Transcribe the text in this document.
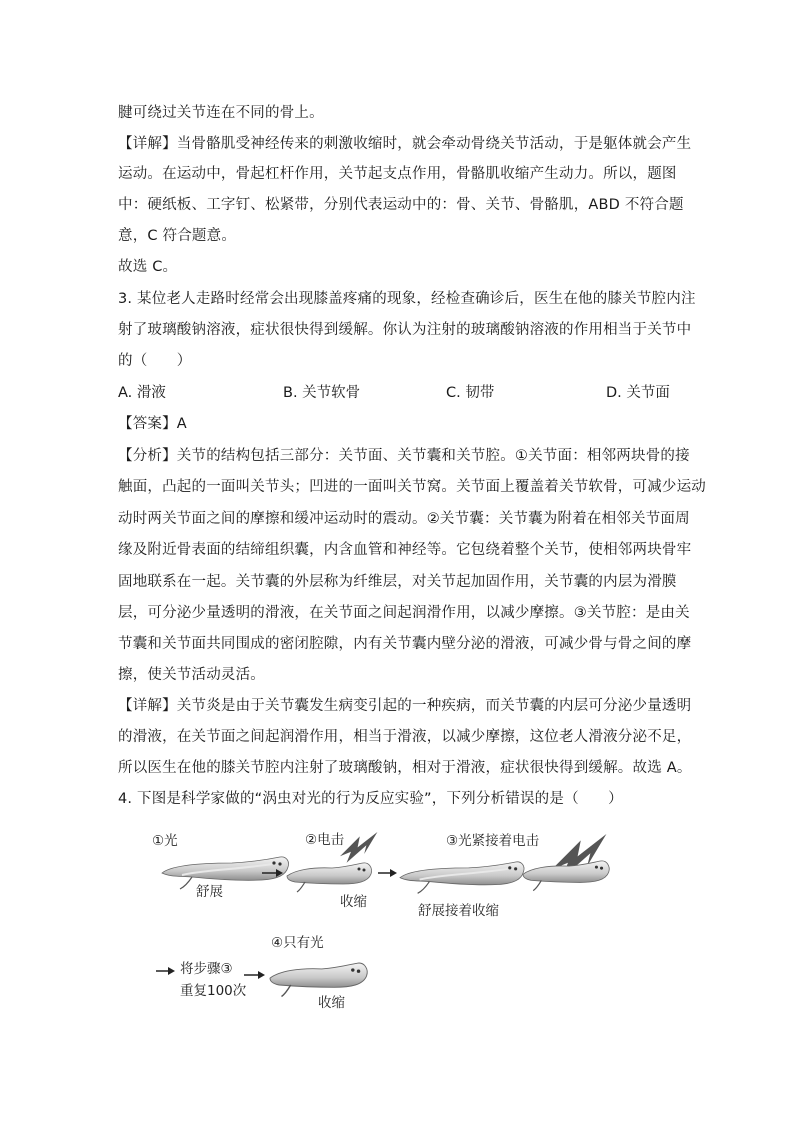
腱可绕过关节连在不同的骨上。
【详解】当骨骼肌受神经传来的刺激收缩时，就会牵动骨绕关节活动，于是躯体就会产生
运动。在运动中，骨起杠杆作用，关节起支点作用，骨骼肌收缩产生动力。所以，题图
中：硬纸板、工字钉、松紧带，分别代表运动中的：骨、关节、骨骼肌，ABD 不符合题
意，C 符合题意。
故选 C。
3. 某位老人走路时经常会出现膝盖疼痛的现象，经检查确诊后，医生在他的膝关节腔内注
射了玻璃酸钠溶液，症状很快得到缓解。你认为注射的玻璃酸钠溶液的作用相当于关节中
的（　　）
A. 滑液	B. 关节软骨	C. 韧带	D. 关节面
【答案】A
【分析】关节的结构包括三部分：关节面、关节囊和关节腔。①关节面：相邻两块骨的接
触面，凸起的一面叫关节头；凹进的一面叫关节窝。关节面上覆盖着关节软骨，可减少运动
动时两关节面之间的摩擦和缓冲运动时的震动。②关节囊：关节囊为附着在相邻关节面周
缘及附近骨表面的结缔组织囊，内含血管和神经等。它包绕着整个关节，使相邻两块骨牢
固地联系在一起。关节囊的外层称为纤维层，对关节起加固作用，关节囊的内层为滑膜
层，可分泌少量透明的滑液，在关节面之间起润滑作用，以减少摩擦。③关节腔：是由关
节囊和关节面共同围成的密闭腔隙，内有关节囊内壁分泌的滑液，可减少骨与骨之间的摩
擦，使关节活动灵活。
【详解】关节炎是由于关节囊发生病变引起的一种疾病，而关节囊的内层可分泌少量透明
的滑液，在关节面之间起润滑作用，相当于滑液，以减少摩擦，这位老人滑液分泌不足，
所以医生在他的膝关节腔内注射了玻璃酸钠，相对于滑液，症状很快得到缓解。故选 A。
4. 下图是科学家做的“涡虫对光的行为反应实验”，下列分析错误的是（　　）
①光
舒展
②电击
收缩
③光紧接着电击
舒展接着收缩
④只有光
将步骤③
重复100次
收缩
